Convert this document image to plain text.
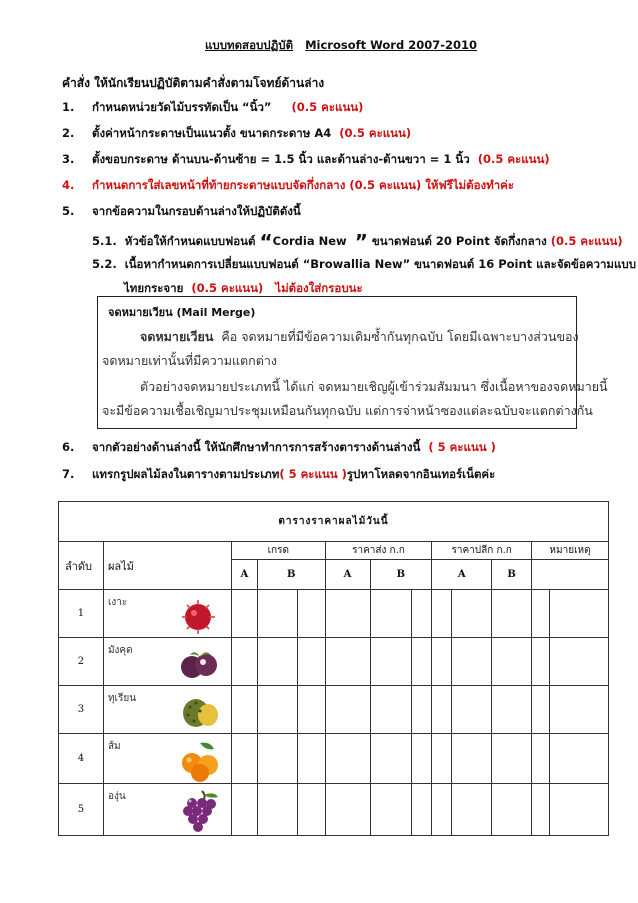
แบบทดสอบปฏิบัติ Microsoft Word 2007-2010
คำสั่ง ให้นักเรียนปฏิบัติตามคำสั่งตามโจทย์ด้านล่าง
1. กำหนดหน่วยวัดไม้บรรทัดเป็น “นิ้ว” (0.5 คะแนน)
2. ตั้งค่าหน้ากระดาษเป็นแนวตั้ง ขนาดกระดาษ A4 (0.5 คะแนน)
3. ตั้งขอบกระดาษ ด้านบน-ด้านซ้าย = 1.5 นิ้ว และด้านล่าง-ด้านขวา = 1 นิ้ว (0.5 คะแนน)
4. กำหนดการใส่เลขหน้าที่ท้ายกระดาษแบบจัดกึ่งกลาง (0.5 คะแนน) ให้ฟรีไม่ต้องทำค่ะ
5. จากข้อความในกรอบด้านล่างให้ปฏิบัติดังนี้
5.1. หัวข้อให้กำหนดแบบฟอนต์ “Cordia New ” ขนาดฟอนต์ 20 Point จัดกึ่งกลาง (0.5 คะแนน)
5.2. เนื้อหากำหนดการเปลี่ยนแบบฟอนต์ “Browallia New” ขนาดฟอนต์ 16 Point และจัดข้อความแบบ
ไทยกระจาย (0.5 คะแนน) ไม่ต้องใส่กรอบนะ
จดหมายเวียน (Mail Merge)
จดหมายเวียน คือ จดหมายที่มีข้อความเดิมซ้ำกันทุกฉบับ โดยมีเฉพาะบางส่วนของ
จดหมายเท่านั้นที่มีความแตกต่าง
ตัวอย่างจดหมายประเภทนี้ ได้แก่ จดหมายเชิญผู้เข้าร่วมสัมมนา ซึ่งเนื้อหาของจดหมายนี้
จะมีข้อความเชื้อเชิญมาประชุมเหมือนกันทุกฉบับ แต่การจ่าหน้าซองแต่ละฉบับจะแตกต่างกัน
6. จากตัวอย่างด้านล่างนี้ ให้นักศึกษาทำการการสร้างตารางด้านล่างนี้ ( 5 คะแนน )
7. แทรกรูปผลไม้ลงในตารางตามประเภท( 5 คะแนน )รูปหาโหลดจากอินเทอร์เน็ตค่ะ
ตารางราคาผลไม้วันนี้												
ลำดับ	ผลไม้	เกรด			ราคาส่ง ก.ก			ราคาปลีก ก.ก			หมายเหตุ	
		A	B		A	B		A		B		
1	เงาะ											

2	มังคุด											

3	ทุเรียน											

4	ส้ม											

5	องุ่น											
